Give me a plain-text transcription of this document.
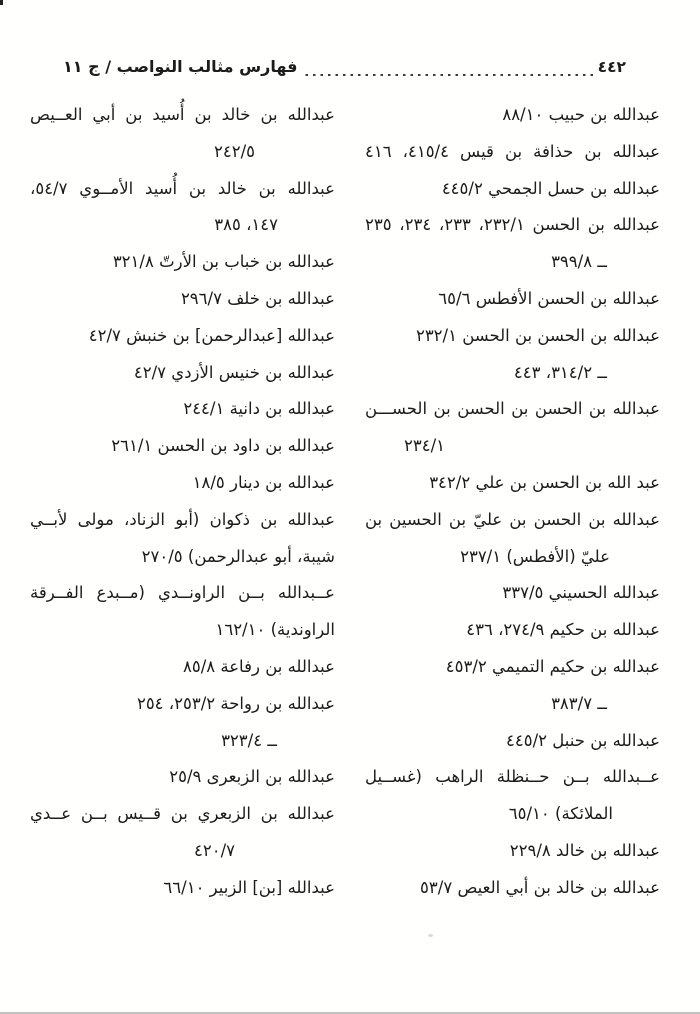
٤٤٢
فهارس مثالب النواصب / ج ١١
عبدالله بن حبيب ٨٨/١٠
عبدالله بن حذافة بن قيس ٤١٥/٤، ٤١٦
عبدالله بن حسل الجمحي ٤٤٥/٢
عبدالله بن الحسن ٢٣٢/١، ٢٣٣، ٢٣٤، ٢٣٥
ــ ٣٩٩/٨
عبدالله بن الحسن الأفطس ٦٥/٦
عبدالله بن الحسن بن الحسن ٢٣٢/١
ــ ٣١٤/٢، ٤٤٣
عبدالله بن الحسن بن الحسن بن الحســـن
٢٣٤/١
عبد الله بن الحسن بن علي ٣٤٢/٢
عبدالله بن الحسن بن عليّ بن الحسين بن
عليّ (الأفطس) ٢٣٧/١
عبدالله الحسيني ٣٣٧/٥
عبدالله بن حكيم ٢٧٤/٩، ٤٣٦
عبدالله بن حكيم التميمي ٤٥٣/٢
ــ ٣٨٣/٧
عبدالله بن حنبل ٤٤٥/٢
عــبدالله بــن حــنظلة الراهب (غســيل
الملائكة) ٦٥/١٠
عبدالله بن خالد ٢٢٩/٨
عبدالله بن خالد بن أبي العيص ٥٣/٧
عبدالله بن خالد بن أُسيد بن أبي العــيص
٢٤٢/٥
عبدالله بن خالد بن أُسيد الأمــوي ٥٤/٧،
١٤٧، ٣٨٥
عبدالله بن خباب بن الأرتّ ٣٢١/٨
عبدالله بن خلف ٢٩٦/٧
عبدالله [عبدالرحمن] بن خنبش ٤٢/٧
عبدالله بن خنيس الأزدي ٤٢/٧
عبدالله بن دانية ٢٤٤/١
عبدالله بن داود بن الحسن ٢٦١/١
عبدالله بن دينار ١٨/٥
عبدالله بن ذكوان (أبو الزناد، مولى لأبــي
شيبة، أبو عبدالرحمن) ٢٧٠/٥
عــبدالله بــن الراونــدي (مــبدع الفــرقة
الراوندية) ١٦٢/١٠
عبدالله بن رفاعة ٨٥/٨
عبدالله بن رواحة ٢٥٣/٢، ٢٥٤
ــ ٣٢٣/٤
عبدالله بن الزبعرى ٢٥/٩
عبدالله بن الزبعري بن قــيس بــن عــدي
٤٢٠/٧
عبدالله [بن] الزبير ٦٦/١٠
